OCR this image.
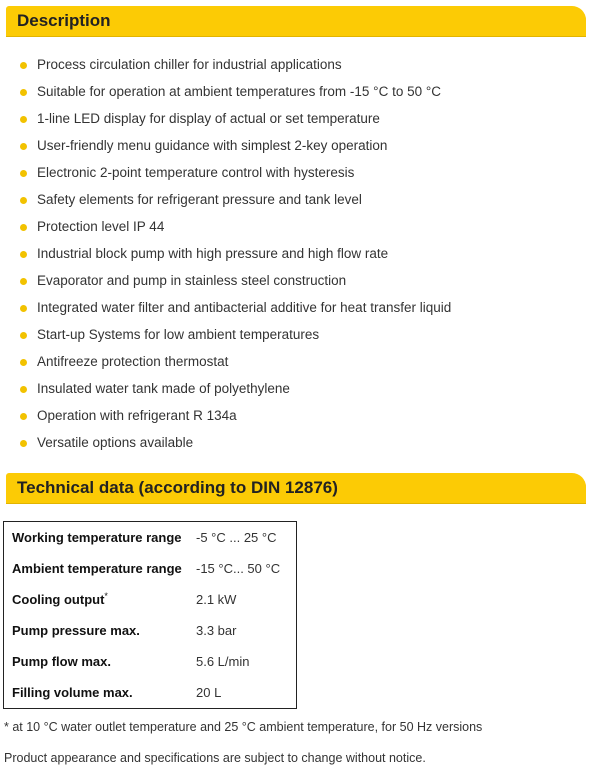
Description
Process circulation chiller for industrial applications
Suitable for operation at ambient temperatures from -15 °C to 50 °C
1-line LED display for display of actual or set temperature
User-friendly menu guidance with simplest 2-key operation
Electronic 2-point temperature control with hysteresis
Safety elements for refrigerant pressure and tank level
Protection level IP 44
Industrial block pump with high pressure and high flow rate
Evaporator and pump in stainless steel construction
Integrated water filter and antibacterial additive for heat transfer liquid
Start-up Systems for low ambient temperatures
Antifreeze protection thermostat
Insulated water tank made of polyethylene
Operation with refrigerant R 134a
Versatile options available
Technical data (according to DIN 12876)
Working temperature range	-5 °C ... 25 °C
Ambient temperature range	-15 °C... 50 °C
Cooling output*	2.1 kW
Pump pressure max.	3.3 bar
Pump flow max.	5.6 L/min
Filling volume max.	20 L
* at 10 °C water outlet temperature and 25 °C ambient temperature, for 50 Hz versions
Product appearance and specifications are subject to change without notice.
